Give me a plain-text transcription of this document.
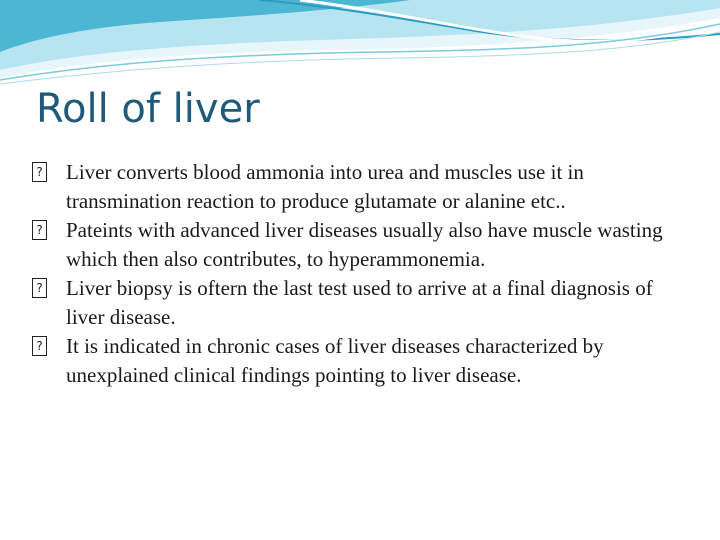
Roll of liver
? Liver converts blood ammonia into urea and muscles use it in transmination reaction to produce glutamate or alanine etc..
? Pateints with advanced liver diseases usually also have muscle wasting which then also contributes, to hyperammonemia.
? Liver biopsy is oftern the last test used to arrive at a final diagnosis of liver disease.
? It is indicated in chronic cases of liver diseases characterized by unexplained clinical findings pointing to liver disease.
